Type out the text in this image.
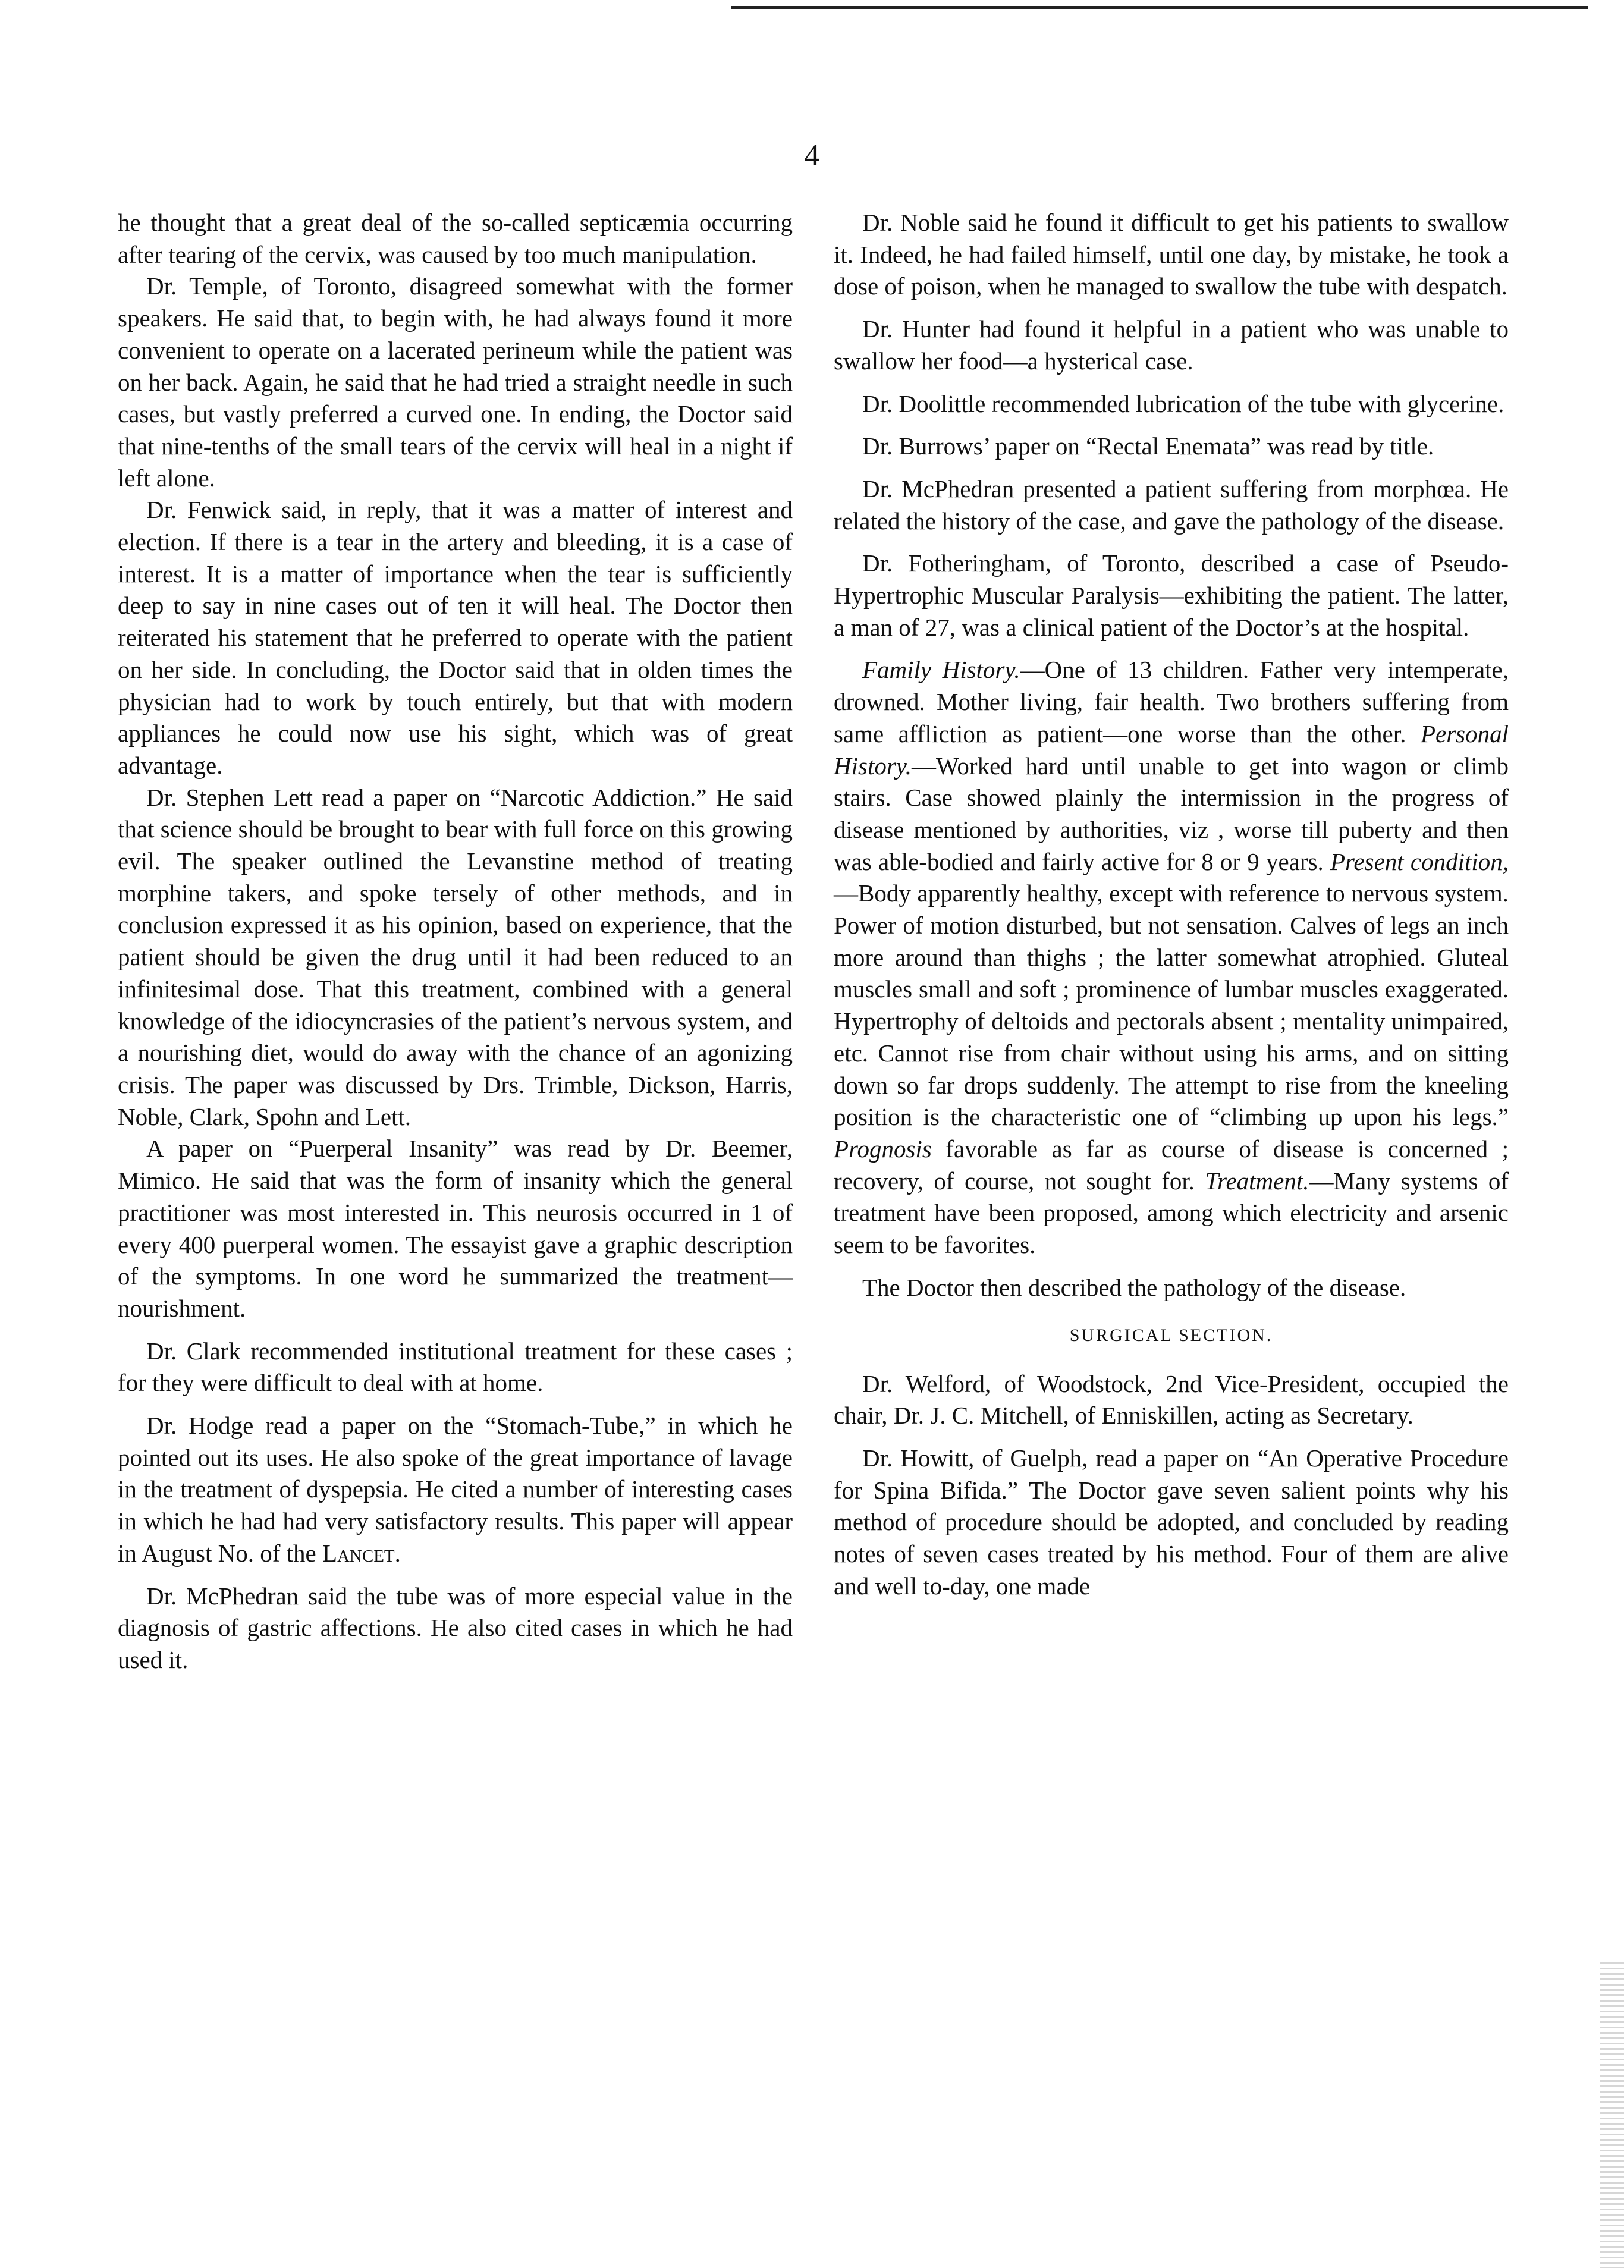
4

he thought that a great deal of the so-called septicæmia occurring after tearing of the cervix, was caused by too much manipulation.

Dr. Temple, of Toronto, disagreed somewhat with the former speakers. He said that, to begin with, he had always found it more convenient to operate on a lacerated perineum while the patient was on her back. Again, he said that he had tried a straight needle in such cases, but vastly preferred a curved one. In ending, the Doctor said that nine-tenths of the small tears of the cervix will heal in a night if left alone.

Dr. Fenwick said, in reply, that it was a matter of interest and election. If there is a tear in the artery and bleeding, it is a case of interest. It is a matter of importance when the tear is sufficiently deep to say in nine cases out of ten it will heal. The Doctor then reiterated his statement that he preferred to operate with the patient on her side. In concluding, the Doctor said that in olden times the physician had to work by touch entirely, but that with modern appliances he could now use his sight, which was of great advantage.

Dr. Stephen Lett read a paper on “Narcotic Addiction.” He said that science should be brought to bear with full force on this growing evil. The speaker outlined the Levanstine method of treating morphine takers, and spoke tersely of other methods, and in conclusion expressed it as his opinion, based on experience, that the patient should be given the drug until it had been reduced to an infinitesimal dose. That this treatment, combined with a general knowledge of the idiocyncrasies of the patient’s nervous system, and a nourishing diet, would do away with the chance of an agonizing crisis. The paper was discussed by Drs. Trimble, Dickson, Harris, Noble, Clark, Spohn and Lett.

A paper on “Puerperal Insanity” was read by Dr. Beemer, Mimico. He said that was the form of insanity which the general practitioner was most interested in. This neurosis occurred in 1 of every 400 puerperal women. The essayist gave a graphic description of the symptoms. In one word he summarized the treatment—nourishment.

Dr. Clark recommended institutional treatment for these cases ; for they were difficult to deal with at home.

Dr. Hodge read a paper on the “Stomach-Tube,” in which he pointed out its uses. He also spoke of the great importance of lavage in the treatment of dyspepsia. He cited a number of interesting cases in which he had had very satisfactory results. This paper will appear in August No. of the Lancet.

Dr. McPhedran said the tube was of more especial value in the diagnosis of gastric affections. He also cited cases in which he had used it.

Dr. Noble said he found it difficult to get his patients to swallow it. Indeed, he had failed himself, until one day, by mistake, he took a dose of poison, when he managed to swallow the tube with despatch.

Dr. Hunter had found it helpful in a patient who was unable to swallow her food—a hysterical case.

Dr. Doolittle recommended lubrication of the tube with glycerine.

Dr. Burrows’ paper on “Rectal Enemata” was read by title.

Dr. McPhedran presented a patient suffering from morphœa. He related the history of the case, and gave the pathology of the disease.

Dr. Fotheringham, of Toronto, described a case of Pseudo-Hypertrophic Muscular Paralysis—exhibiting the patient. The latter, a man of 27, was a clinical patient of the Doctor’s at the hospital.

Family History.—One of 13 children. Father very intemperate, drowned. Mother living, fair health. Two brothers suffering from same affliction as patient—one worse than the other. Personal History.—Worked hard until unable to get into wagon or climb stairs. Case showed plainly the intermission in the progress of disease mentioned by authorities, viz , worse till puberty and then was able-bodied and fairly active for 8 or 9 years. Present condition,—Body apparently healthy, except with reference to nervous system. Power of motion disturbed, but not sensation. Calves of legs an inch more around than thighs ; the latter somewhat atrophied. Gluteal muscles small and soft ; prominence of lumbar muscles exaggerated. Hypertrophy of deltoids and pectorals absent ; mentality unimpaired, etc. Cannot rise from chair without using his arms, and on sitting down so far drops suddenly. The attempt to rise from the kneeling position is the characteristic one of “climbing up upon his legs.” Prognosis favorable as far as course of disease is concerned ; recovery, of course, not sought for. Treatment.—Many systems of treatment have been proposed, among which electricity and arsenic seem to be favorites.

The Doctor then described the pathology of the disease.

SURGICAL SECTION.

Dr. Welford, of Woodstock, 2nd Vice-President, occupied the chair, Dr. J. C. Mitchell, of Enniskillen, acting as Secretary.

Dr. Howitt, of Guelph, read a paper on “An Operative Procedure for Spina Bifida.” The Doctor gave seven salient points why his method of procedure should be adopted, and concluded by reading notes of seven cases treated by his method. Four of them are alive and well to-day, one made
